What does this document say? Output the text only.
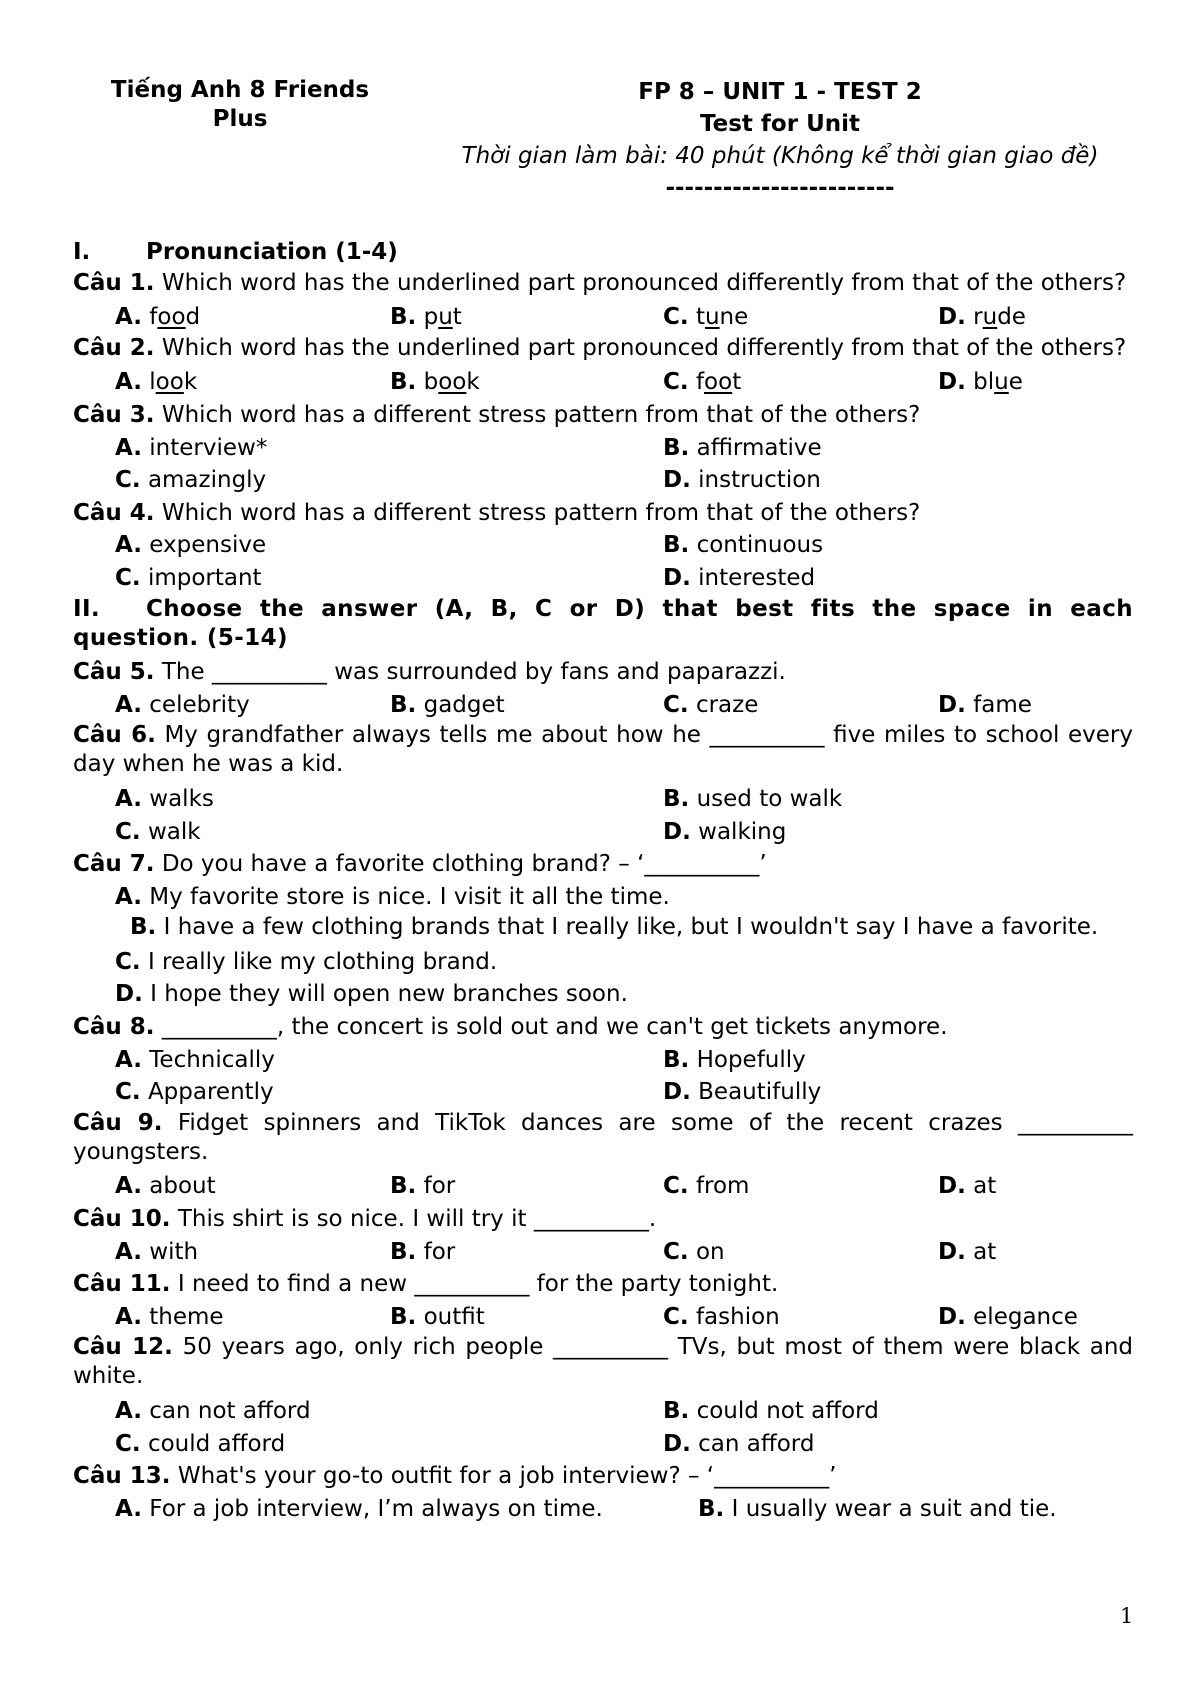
Tiếng Anh 8 Friends
Plus
FP 8 – UNIT 1 - TEST 2
Test for Unit
Thời gian làm bài: 40 phút (Không kể thời gian giao đề)
------------------------
I. Pronunciation (1-4)
Câu 1. Which word has the underlined part pronounced differently from that of the others?
A. food	B. put	C. tune	D. rude
Câu 2. Which word has the underlined part pronounced differently from that of the others?
A. look	B. book	C. foot	D. blue
Câu 3. Which word has a different stress pattern from that of the others?
A. interview*	B. affirmative
C. amazingly	D. instruction
Câu 4. Which word has a different stress pattern from that of the others?
A. expensive	B. continuous
C. important	D. interested
II. Choose the answer (A, B, C or D) that best fits the space in each question. (5-14)
Câu 5. The __________ was surrounded by fans and paparazzi.
A. celebrity	B. gadget	C. craze	D. fame
Câu 6. My grandfather always tells me about how he __________ five miles to school every day when he was a kid.
A. walks	B. used to walk
C. walk	D. walking
Câu 7. Do you have a favorite clothing brand? – ‘__________’
A. My favorite store is nice. I visit it all the time.
B. I have a few clothing brands that I really like, but I wouldn't say I have a favorite.
C. I really like my clothing brand.
D. I hope they will open new branches soon.
Câu 8. __________, the concert is sold out and we can't get tickets anymore.
A. Technically	B. Hopefully
C. Apparently	D. Beautifully
Câu 9. Fidget spinners and TikTok dances are some of the recent crazes __________ youngsters.
A. about	B. for	C. from	D. at
Câu 10. This shirt is so nice. I will try it __________.
A. with	B. for	C. on	D. at
Câu 11. I need to find a new __________ for the party tonight.
A. theme	B. outfit	C. fashion	D. elegance
Câu 12. 50 years ago, only rich people __________ TVs, but most of them were black and white.
A. can not afford	B. could not afford
C. could afford	D. can afford
Câu 13. What's your go-to outfit for a job interview? – ‘__________’
A. For a job interview, I’m always on time.	B. I usually wear a suit and tie.
1
